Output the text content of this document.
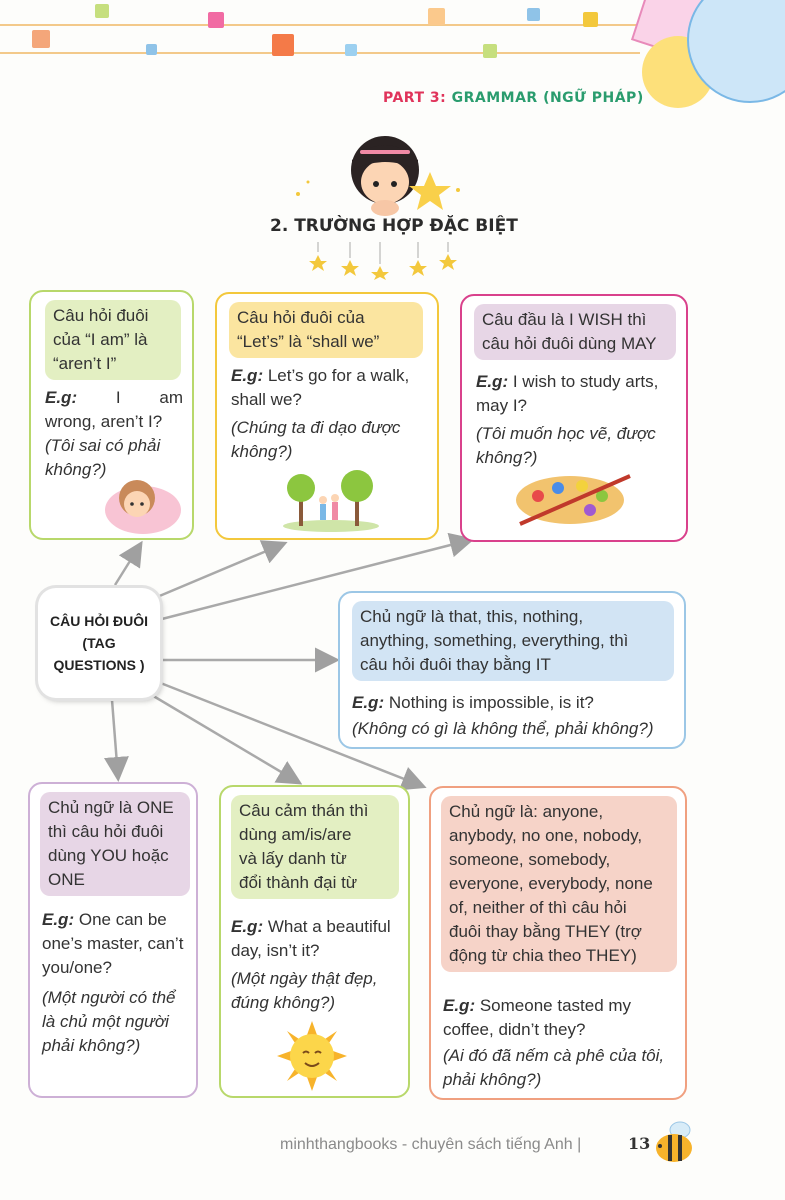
PART 3: GRAMMAR (NGỮ PHÁP)
2. TRƯỜNG HỢP ĐẶC BIỆT
Câu hỏi đuôi
của “I am” là
“aren’t I”
E.g: I am
wrong, aren’t I?
(Tôi sai có phải
không?)
Câu hỏi đuôi của
“Let’s” là “shall we”
E.g: Let’s go for a walk,
shall we?
(Chúng ta đi dạo được
không?)
Câu đầu là I WISH thì
câu hỏi đuôi dùng MAY
E.g: I wish to study arts,
may I?
(Tôi muốn học vẽ, được
không?)
CÂU HỎI ĐUÔI
(TAG
QUESTIONS )
Chủ ngữ là that, this, nothing,
anything, something, everything, thì
câu hỏi đuôi thay bằng IT
E.g: Nothing is impossible, is it?
(Không có gì là không thể, phải không?)
Chủ ngữ là ONE
thì câu hỏi đuôi
dùng YOU hoặc
ONE
E.g: One can be
one’s master, can’t
you/one?
(Một người có thể
là chủ một người
phải không?)
Câu cảm thán thì
dùng am/is/are
và lấy danh từ
đổi thành đại từ
E.g: What a beautiful
day, isn’t it?
(Một ngày thật đẹp,
đúng không?)
Chủ ngữ là: anyone,
anybody, no one, nobody,
someone, somebody,
everyone, everybody, none
of, neither of thì câu hỏi
đuôi thay bằng THEY (trợ
động từ chia theo THEY)
E.g: Someone tasted my
coffee, didn’t they?
(Ai đó đã nếm cà phê của tôi,
phải không?)
minhthangbooks - chuyên sách tiếng Anh |	13
